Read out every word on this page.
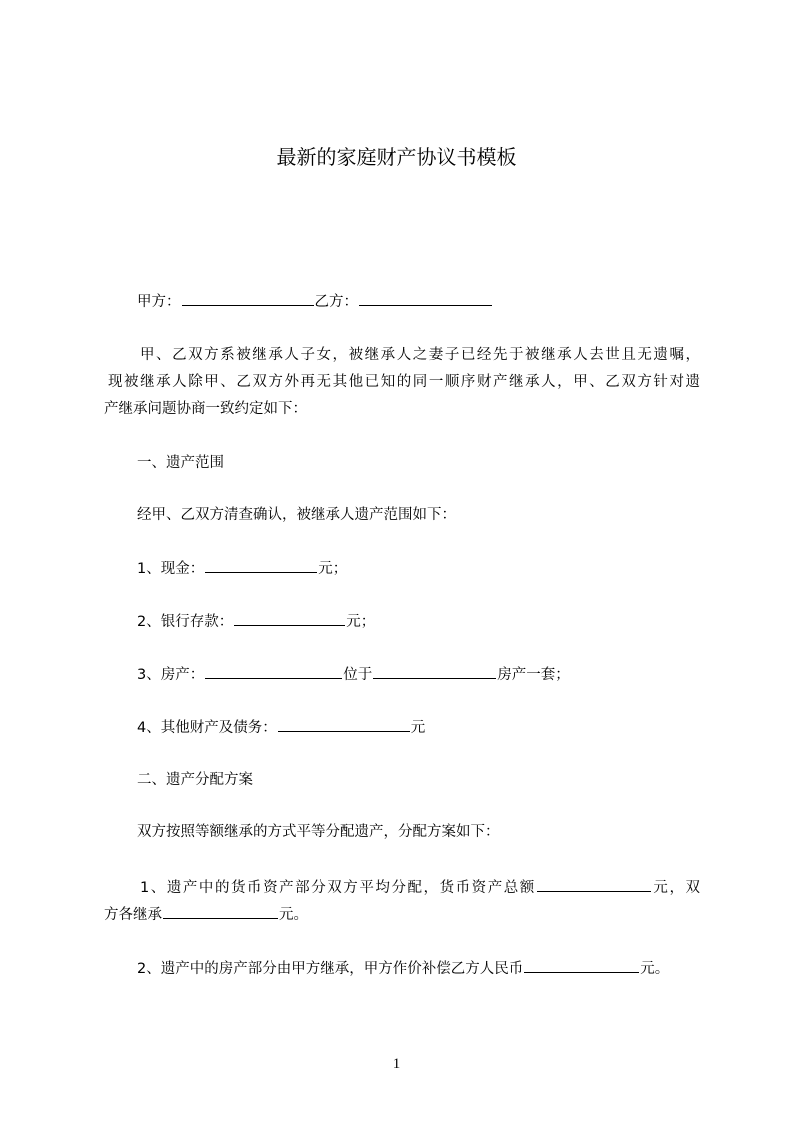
最新的家庭财产协议书模板
甲方：	乙方：
甲、乙双方系被继承人子女，被继承人之妻子已经先于被继承人去世且无遗嘱，
现被继承人除甲、乙双方外再无其他已知的同一顺序财产继承人，甲、乙双方针对遗
产继承问题协商一致约定如下：
一、遗产范围
经甲、乙双方清查确认，被继承人遗产范围如下：
1、现金：	元；
2、银行存款：	元；
3、房产：	位于	房产一套；
4、其他财产及债务：	元
二、遗产分配方案
双方按照等额继承的方式平等分配遗产，分配方案如下：
1、遗产中的货币资产部分双方平均分配，货币资产总额	元，双
方各继承	元。
2、遗产中的房产部分由甲方继承，甲方作价补偿乙方人民币	元。
1
